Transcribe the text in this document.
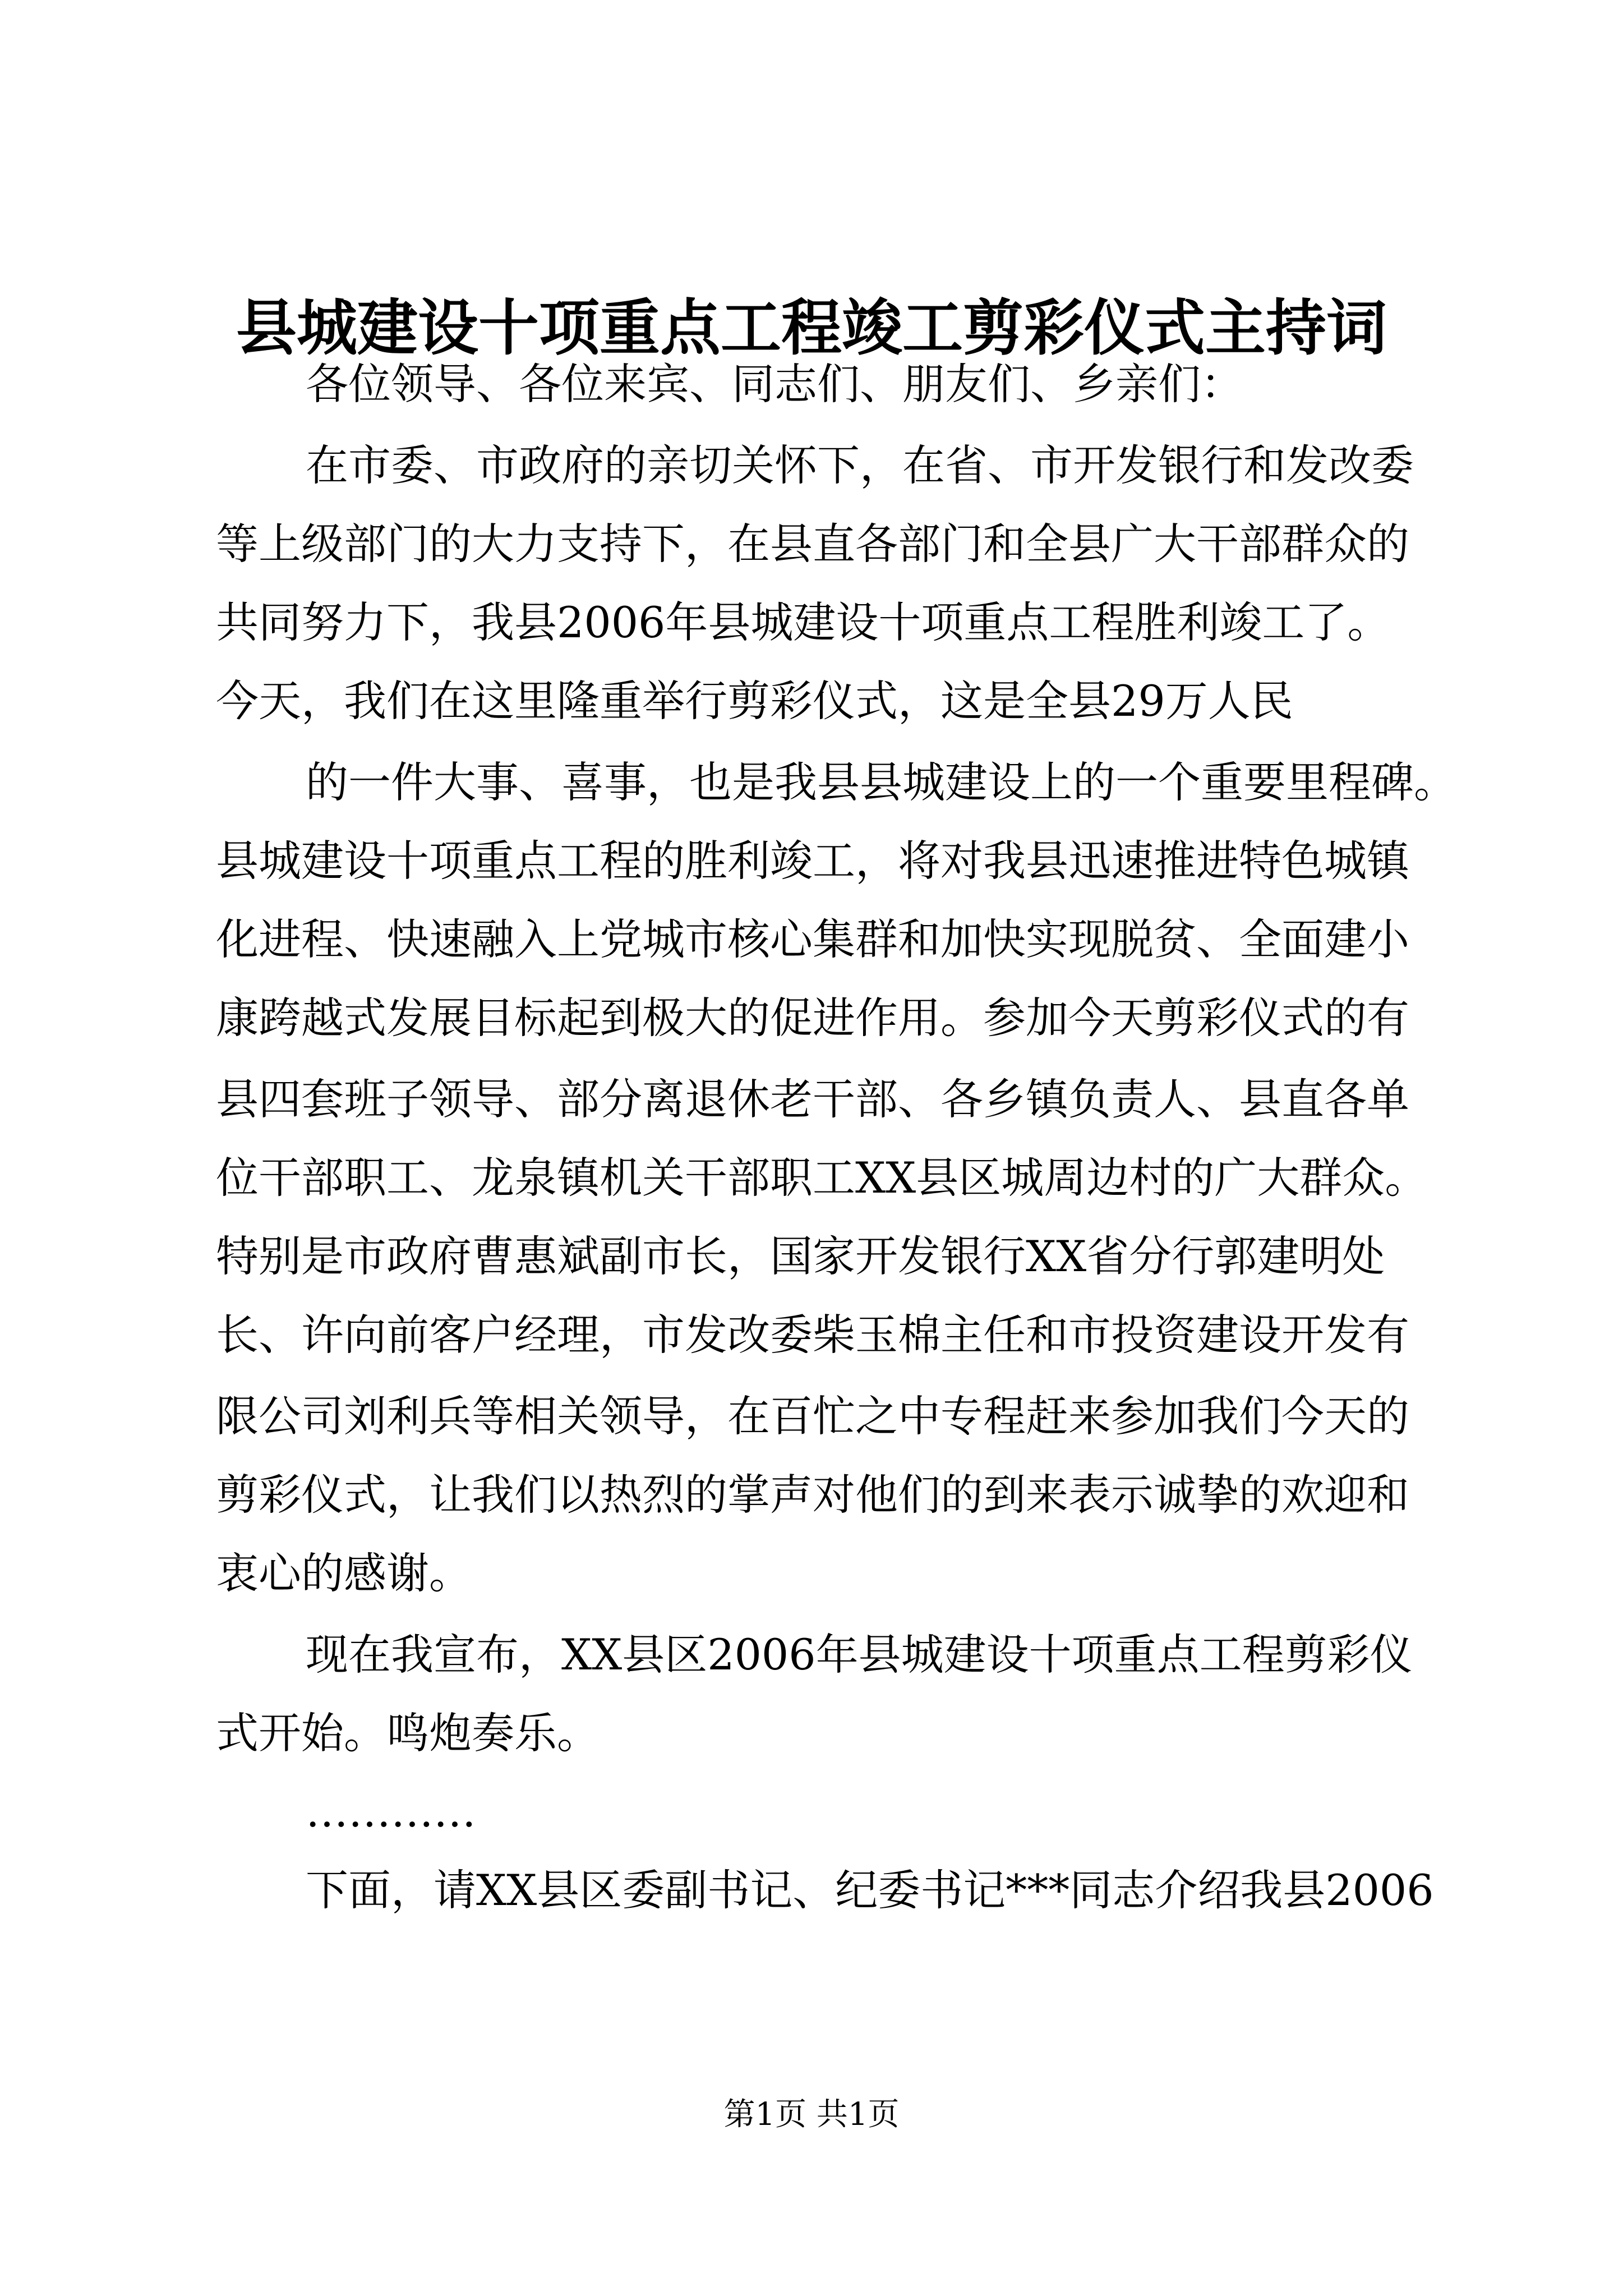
县城建设十项重点工程竣工剪彩仪式主持词
各位领导、各位来宾、同志们、朋友们、乡亲们：
在市委、市政府的亲切关怀下，在省、市开发银行和发改委
等上级部门的大力支持下，在县直各部门和全县广大干部群众的
共同努力下，我县2006年县城建设十项重点工程胜利竣工了。
今天，我们在这里隆重举行剪彩仪式，这是全县29万人民
的一件大事、喜事，也是我县县城建设上的一个重要里程碑。
县城建设十项重点工程的胜利竣工，将对我县迅速推进特色城镇
化进程、快速融入上党城市核心集群和加快实现脱贫、全面建小
康跨越式发展目标起到极大的促进作用。参加今天剪彩仪式的有
县四套班子领导、部分离退休老干部、各乡镇负责人、县直各单
位干部职工、龙泉镇机关干部职工XX县区城周边村的广大群众。
特别是市政府曹惠斌副市长，国家开发银行XX省分行郭建明处
长、许向前客户经理，市发改委柴玉棉主任和市投资建设开发有
限公司刘利兵等相关领导，在百忙之中专程赶来参加我们今天的
剪彩仪式，让我们以热烈的掌声对他们的到来表示诚挚的欢迎和
衷心的感谢。
现在我宣布，XX县区2006年县城建设十项重点工程剪彩仪
式开始。鸣炮奏乐。
…………
下面，请XX县区委副书记、纪委书记***同志介绍我县2006
第1页 共1页
